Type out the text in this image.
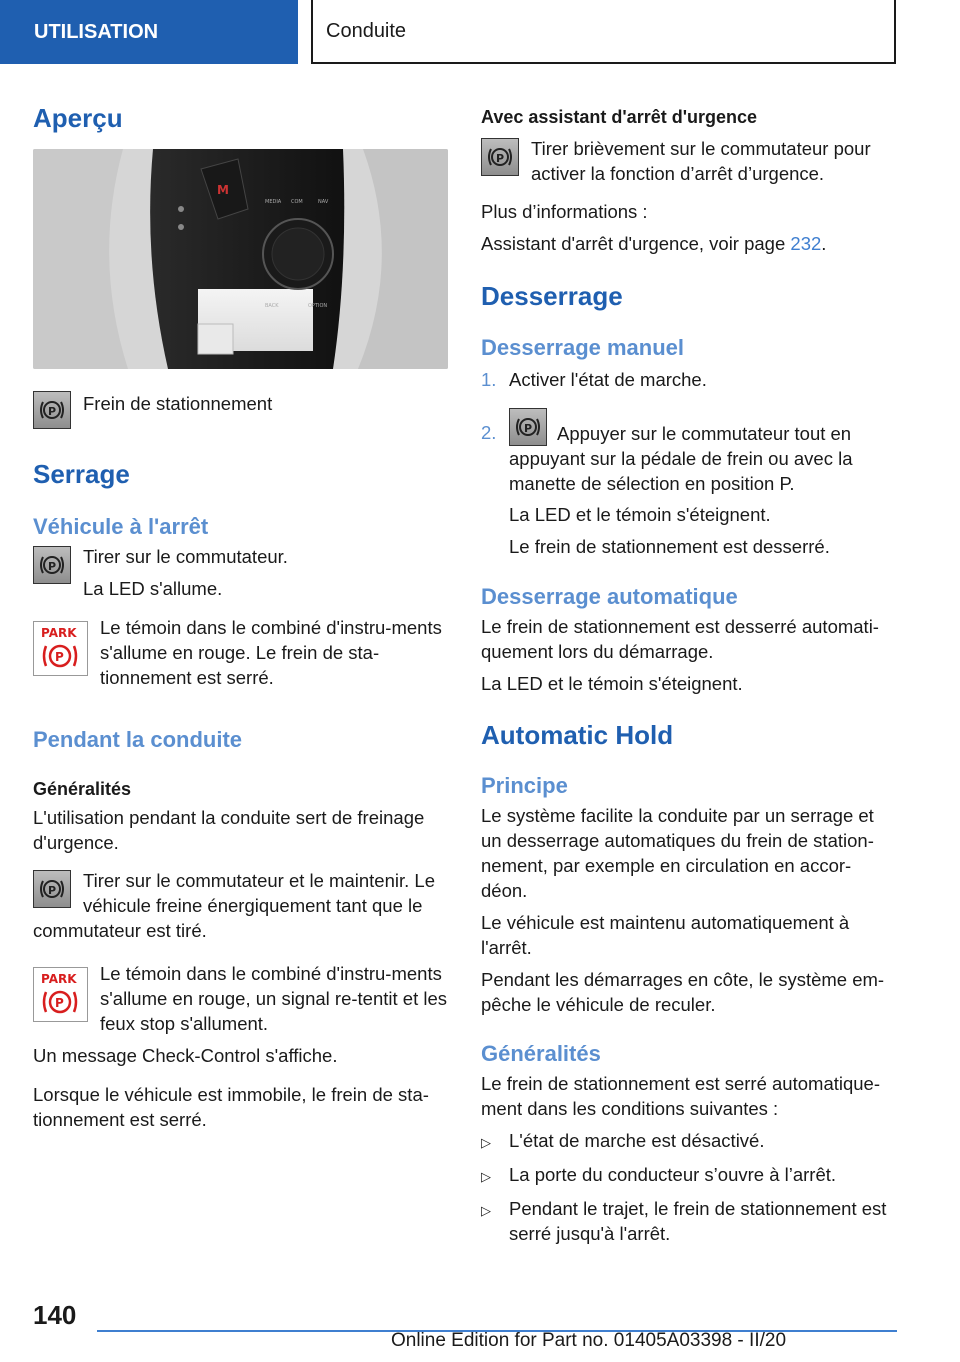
UTILISATION	Conduite
Aperçu
M
MEDIA COM	NAV
BACK	OPTION
P Frein de stationnement

Serrage
Véhicule à l'arrêt
P Tirer sur le commutateur.

La LED s'allume.

PARK
P

Le témoin dans le combiné d'instru-ments s'allume en rouge. Le frein de sta-tionnement est serré.

Pendant la conduite
Généralités

L'utilisation pendant la conduite sert de freinage d'urgence.

P	Tirer sur le commutateur et le maintenir. Le véhicule freine énergiquement tant que le commutateur est tiré.

PARK
P

Le témoin dans le combiné d'instru-ments s'allume en rouge, un signal re-tentit et les feux stop s'allument.

Un message Check-Control s'affiche.

Lorsque le véhicule est immobile, le frein de sta-tionnement est serré.

Avec assistant d'arrêt d'urgence
P Tirer brièvement sur le commutateur pour activer la fonction d’arrêt d’urgence.

Plus d’informations :

Assistant d'arrêt d'urgence, voir page 232.

Desserrage
Desserrage manuel
1. Activer l'état de marche.
2.	P Appuyer sur le commutateur tout en appuyant sur la pédale de frein ou avec la manette de sélection en position P.
La LED et le témoin s'éteignent.
Le frein de stationnement est desserré.
Desserrage automatique

Le frein de stationnement est desserré automati-quement lors du démarrage.

La LED et le témoin s'éteignent.

Automatic Hold
Principe

Le système facilite la conduite par un serrage et un desserrage automatiques du frein de station-nement, par exemple en circulation en accor-déon.

Le véhicule est maintenu automatiquement à l'arrêt.

Pendant les démarrages en côte, le système em-pêche le véhicule de reculer.

Généralités

Le frein de stationnement est serré automatique-ment dans les conditions suivantes :

▷ L'état de marche est désactivé.
▷ La porte du conducteur s’ouvre à l’arrêt.
▷ Pendant le trajet, le frein de stationnement est serré jusqu'à l'arrêt.
140
Online Edition for Part no. 01405A03398 - II/20
